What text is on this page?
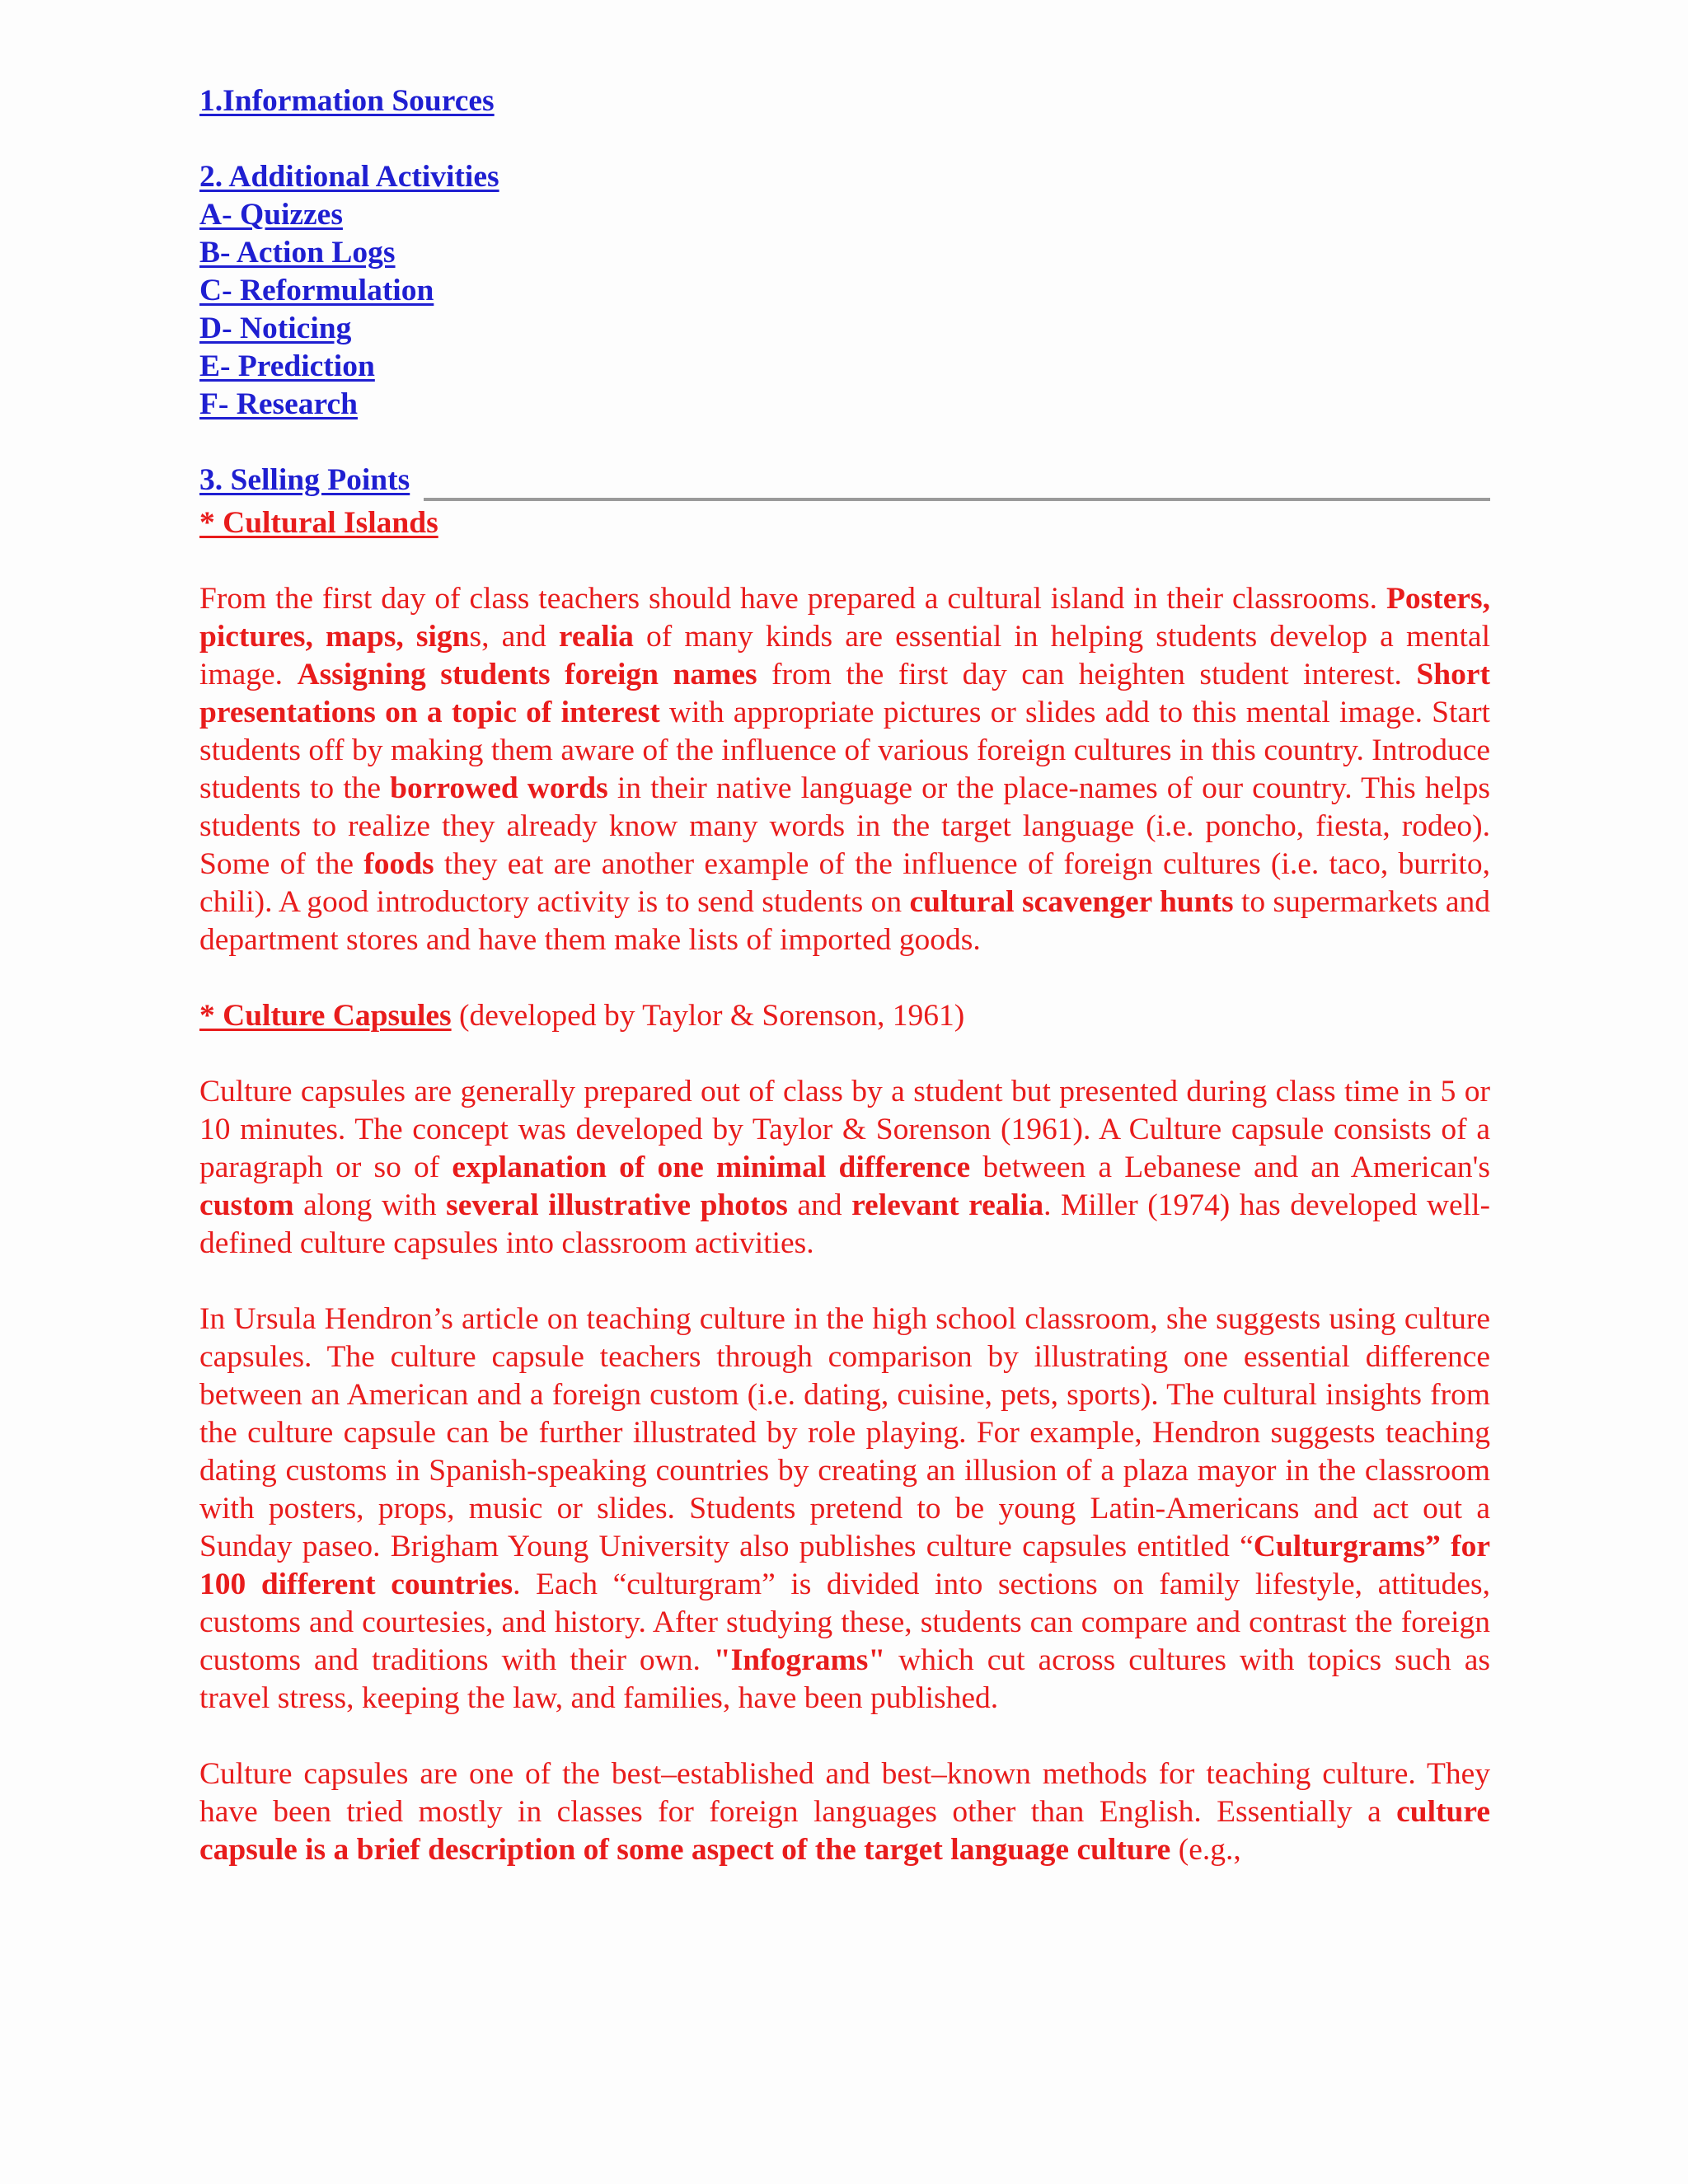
1.Information Sources
2. Additional Activities
A- Quizzes
B- Action Logs
C- Reformulation
D- Noticing
E- Prediction
F- Research
3. Selling Points
* Cultural Islands

From the first day of class teachers should have prepared a cultural island in their classrooms. Posters, pictures, maps, signs, and realia of many kinds are essential in helping students develop a mental image. Assigning students foreign names from the first day can heighten student interest. Short presentations on a topic of interest with appropriate pictures or slides add to this mental image. Start students off by making them aware of the influence of various foreign cultures in this country. Introduce students to the borrowed words in their native language or the place-names of our country. This helps students to realize they already know many words in the target language (i.e. poncho, fiesta, rodeo). Some of the foods they eat are another example of the influence of foreign cultures (i.e. taco, burrito, chili). A good introductory activity is to send students on cultural scavenger hunts to supermarkets and department stores and have them make lists of imported goods.

* Culture Capsules (developed by Taylor & Sorenson, 1961)

Culture capsules are generally prepared out of class by a student but presented during class time in 5 or 10 minutes. The concept was developed by Taylor & Sorenson (1961). A Culture capsule consists of a paragraph or so of explanation of one minimal difference between a Lebanese and an American's custom along with several illustrative photos and relevant realia. Miller (1974) has developed well-defined culture capsules into classroom activities.

In Ursula Hendron’s article on teaching culture in the high school classroom, she suggests using culture capsules. The culture capsule teachers through comparison by illustrating one essential difference between an American and a foreign custom (i.e. dating, cuisine, pets, sports). The cultural insights from the culture capsule can be further illustrated by role playing. For example, Hendron suggests teaching dating customs in Spanish-speaking countries by creating an illusion of a plaza mayor in the classroom with posters, props, music or slides. Students pretend to be young Latin-Americans and act out a Sunday paseo. Brigham Young University also publishes culture capsules entitled “Culturgrams” for 100 different countries. Each “culturgram” is divided into sections on family lifestyle, attitudes, customs and courtesies, and history. After studying these, students can compare and contrast the foreign customs and traditions with their own. "Infograms" which cut across cultures with topics such as travel stress, keeping the law, and families, have been published.

Culture capsules are one of the best–established and best–known methods for teaching culture. They have been tried mostly in classes for foreign languages other than English. Essentially a culture capsule is a brief description of some aspect of the target language culture (e.g.,
